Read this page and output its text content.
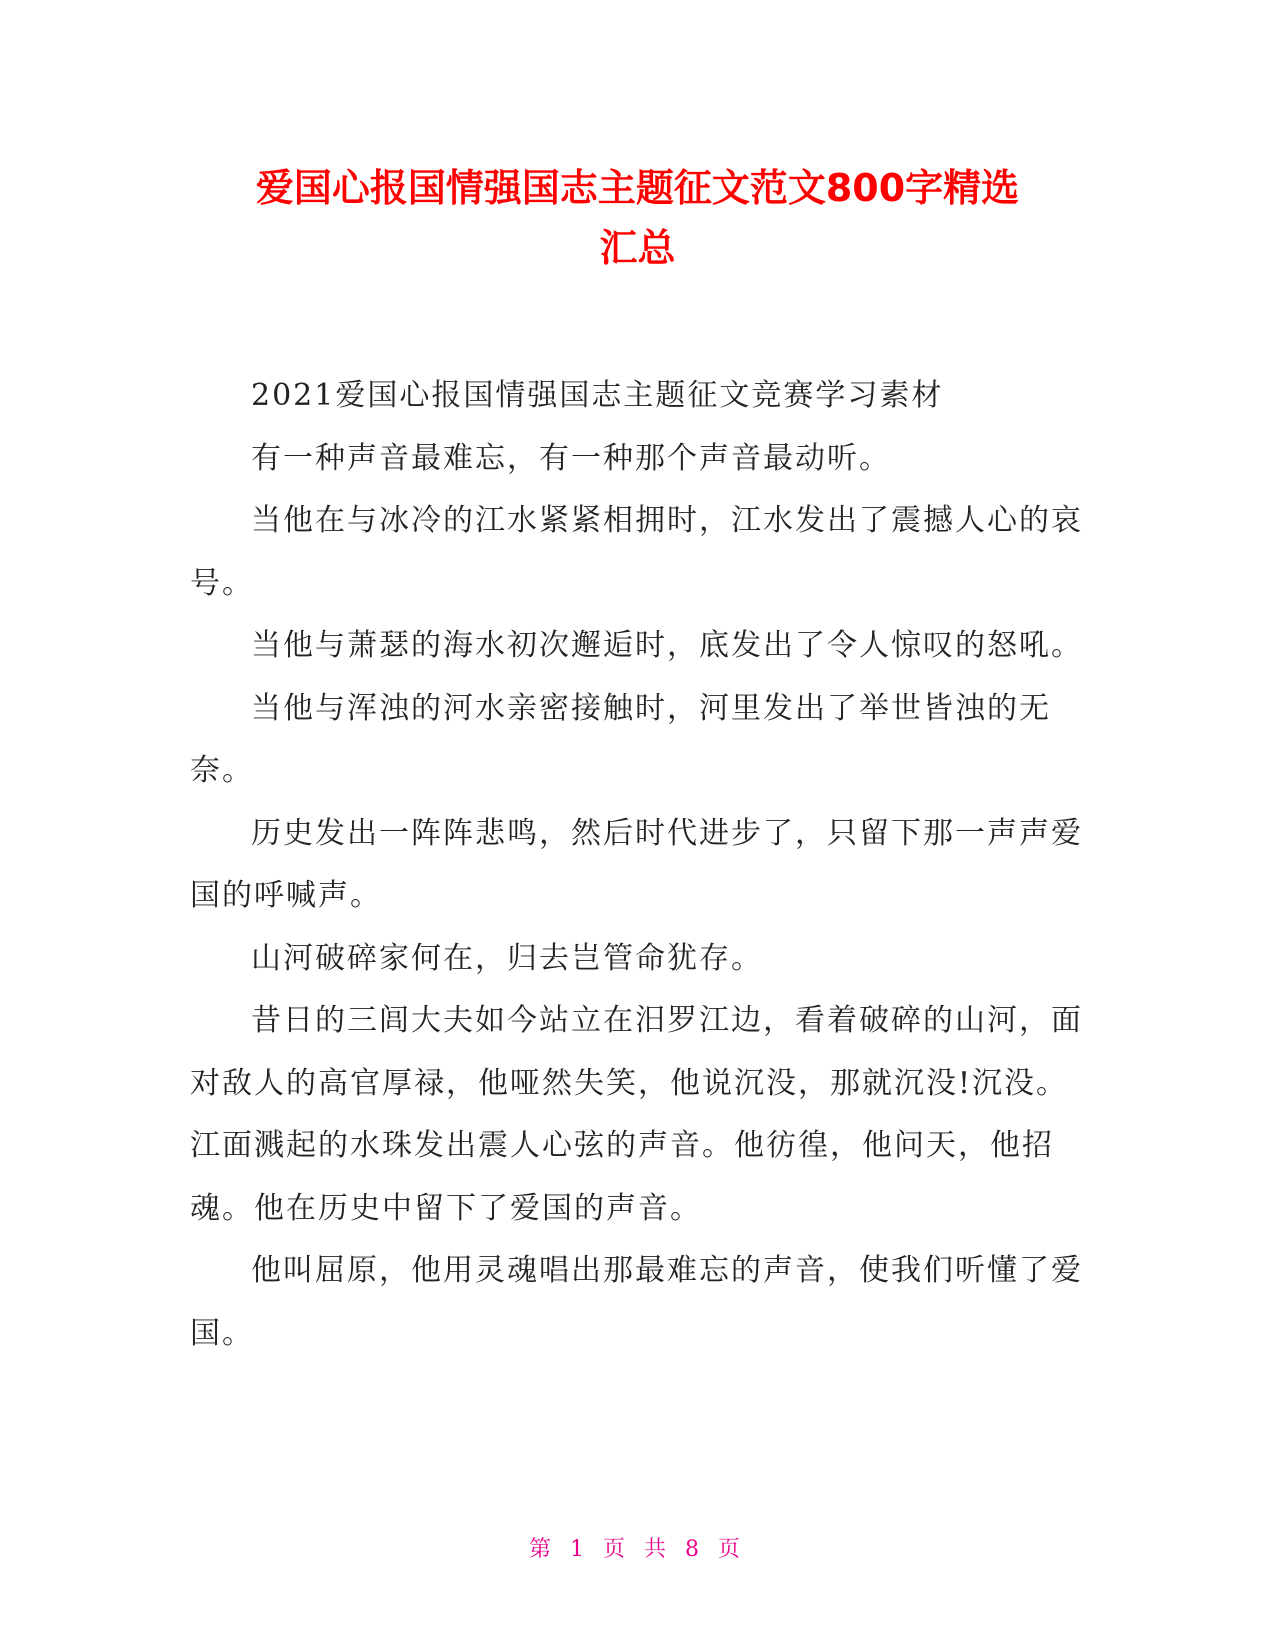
爱国心报国情强国志主题征文范文800字精选
汇总

2021爱国心报国情强国志主题征文竞赛学习素材

有一种声音最难忘，有一种那个声音最动听。

当他在与冰冷的江水紧紧相拥时，江水发出了震撼人心的哀号。

当他与萧瑟的海水初次邂逅时，底发出了令人惊叹的怒吼。

当他与浑浊的河水亲密接触时，河里发出了举世皆浊的无奈。

历史发出一阵阵悲鸣，然后时代进步了，只留下那一声声爱国的呼喊声。

山河破碎家何在，归去岂管命犹存。

昔日的三闾大夫如今站立在汨罗江边，看着破碎的山河，面对敌人的高官厚禄，他哑然失笑，他说沉没，那就沉没!沉没。江面溅起的水珠发出震人心弦的声音。他彷徨，他问天，他招魂。他在历史中留下了爱国的声音。

他叫屈原，他用灵魂唱出那最难忘的声音，使我们听懂了爱国。

第 1 页 共 8 页
